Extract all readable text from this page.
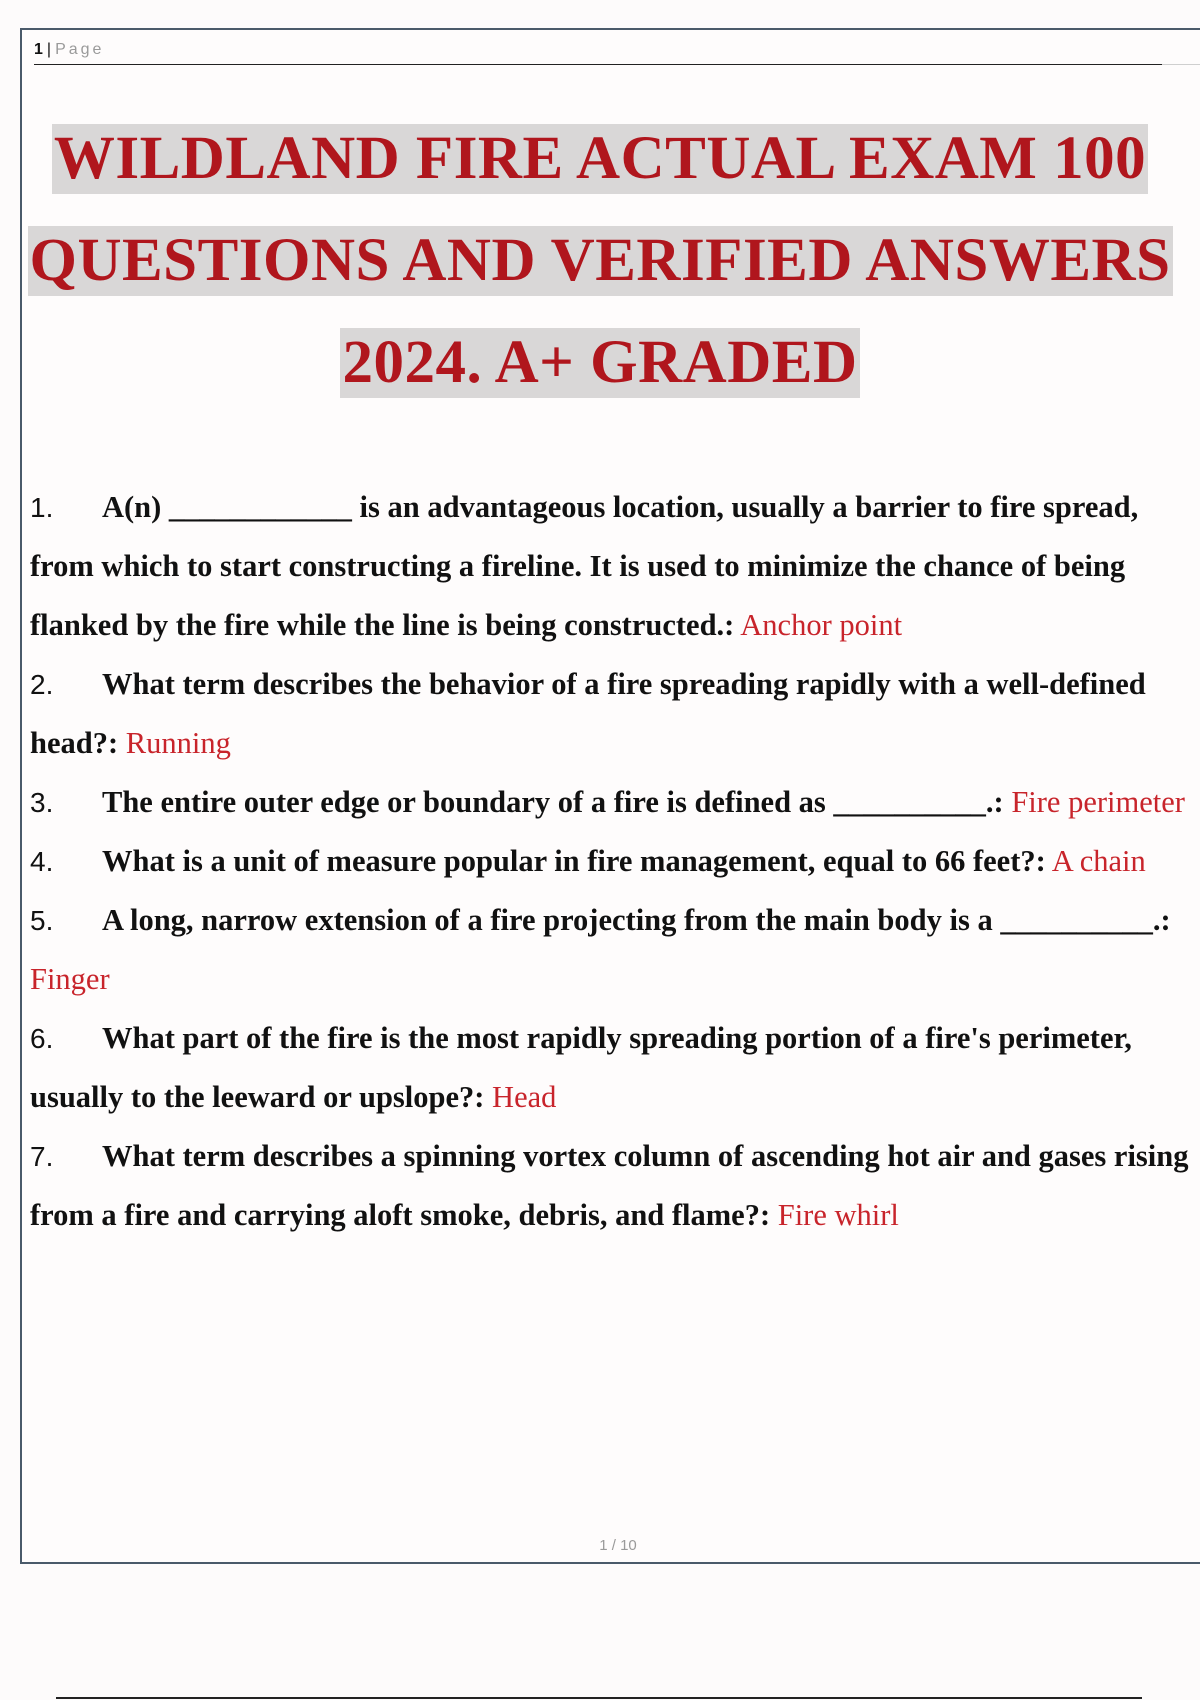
1 | Page
WILDLAND FIRE ACTUAL EXAM 100
QUESTIONS AND VERIFIED ANSWERS
2024. A+ GRADED

1. A(n) ____________ is an advantageous location, usually a barrier to fire spread, from which to start constructing a fireline. It is used to minimize the chance of being flanked by the fire while the line is being constructed.: Anchor point

2. What term describes the behavior of a fire spreading rapidly with a well-defined head?: Running

3. The entire outer edge or boundary of a fire is defined as __________.: Fire perimeter

4. What is a unit of measure popular in fire management, equal to 66 feet?: A chain

5. A long, narrow extension of a fire projecting from the main body is a __________.: Finger

6. What part of the fire is the most rapidly spreading portion of a fire's perimeter, usually to the leeward or upslope?: Head

7. What term describes a spinning vortex column of ascending hot air and gases rising from a fire and carrying aloft smoke, debris, and flame?: Fire whirl

1 / 10
